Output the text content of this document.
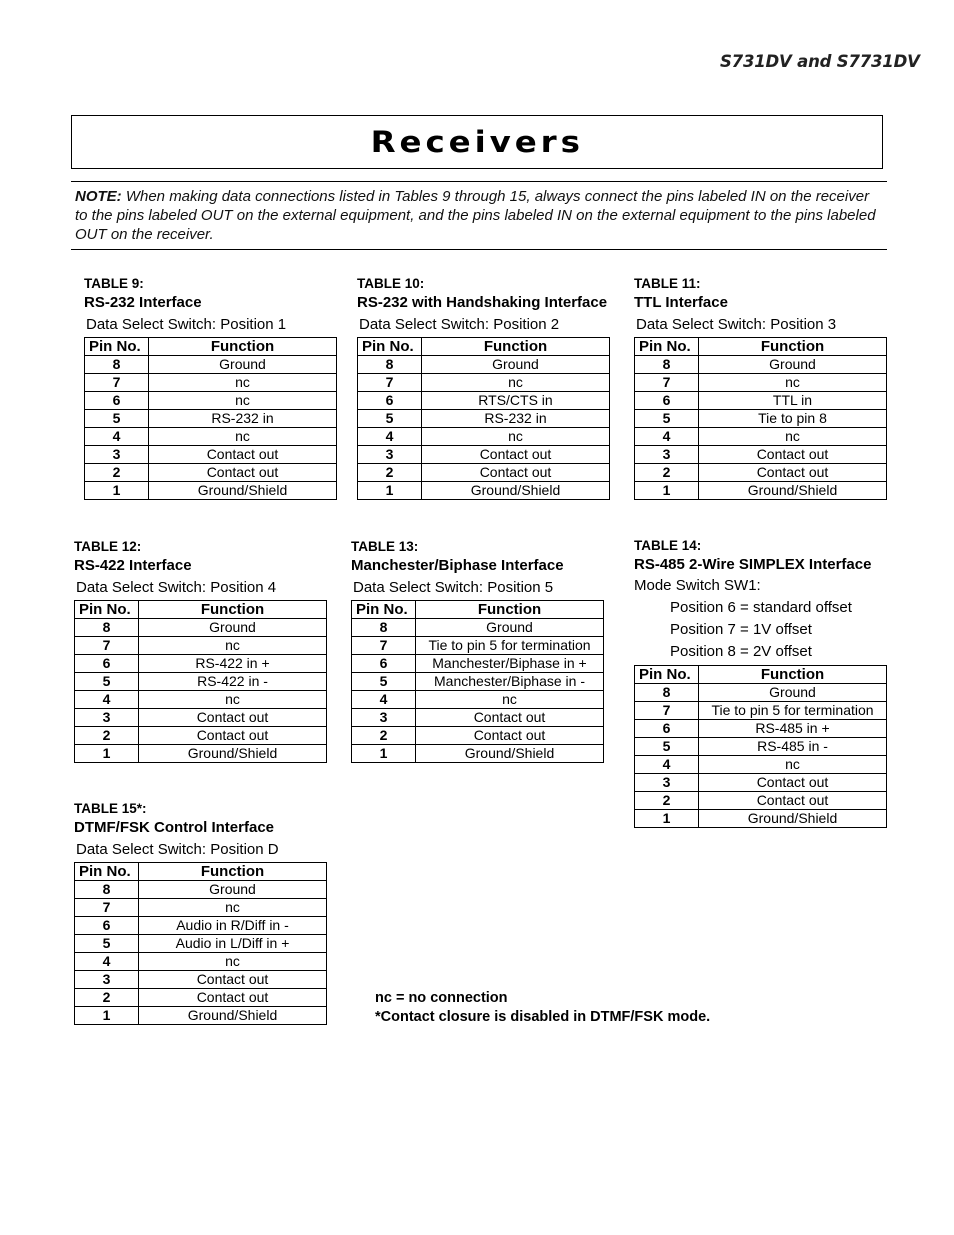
S731DV and S7731DV
Receivers
NOTE: When making data connections listed in Tables 9 through 15, always connect the pins labeled IN on the receiver to the pins labeled OUT on the external equipment, and the pins labeled IN on the external equipment to the pins labeled OUT on the receiver.
TABLE 9:
RS-232 Interface
Data Select Switch: Position 1
Pin No.	Function
8	Ground
7	nc
6	nc
5	RS-232 in
4	nc
3	Contact out
2	Contact out
1	Ground/Shield
TABLE 10:
RS-232 with Handshaking Interface
Data Select Switch: Position 2
Pin No.	Function
8	Ground
7	nc
6	RTS/CTS in
5	RS-232 in
4	nc
3	Contact out
2	Contact out
1	Ground/Shield
TABLE 11:
TTL Interface
Data Select Switch: Position 3
Pin No.	Function
8	Ground
7	nc
6	TTL in
5	Tie to pin 8
4	nc
3	Contact out
2	Contact out
1	Ground/Shield
TABLE 12:
RS-422 Interface
Data Select Switch: Position 4
Pin No.	Function
8	Ground
7	nc
6	RS-422 in +
5	RS-422 in -
4	nc
3	Contact out
2	Contact out
1	Ground/Shield
TABLE 13:
Manchester/Biphase Interface
Data Select Switch: Position 5
Pin No.	Function
8	Ground
7	Tie to pin 5 for termination
6	Manchester/Biphase in +
5	Manchester/Biphase in -
4	nc
3	Contact out
2	Contact out
1	Ground/Shield
TABLE 14:
RS-485 2-Wire SIMPLEX Interface
Mode Switch SW1:
Position 6 = standard offset
Position 7 = 1V offset
Position 8 = 2V offset
Pin No.	Function
8	Ground
7	Tie to pin 5 for termination
6	RS-485 in +
5	RS-485 in -
4	nc
3	Contact out
2	Contact out
1	Ground/Shield
TABLE 15*:
DTMF/FSK Control Interface
Data Select Switch: Position D
Pin No.	Function
8	Ground
7	nc
6	Audio in R/Diff in -
5	Audio in L/Diff in +
4	nc
3	Contact out
2	Contact out
1	Ground/Shield
nc = no connection
*Contact closure is disabled in DTMF/FSK mode.
